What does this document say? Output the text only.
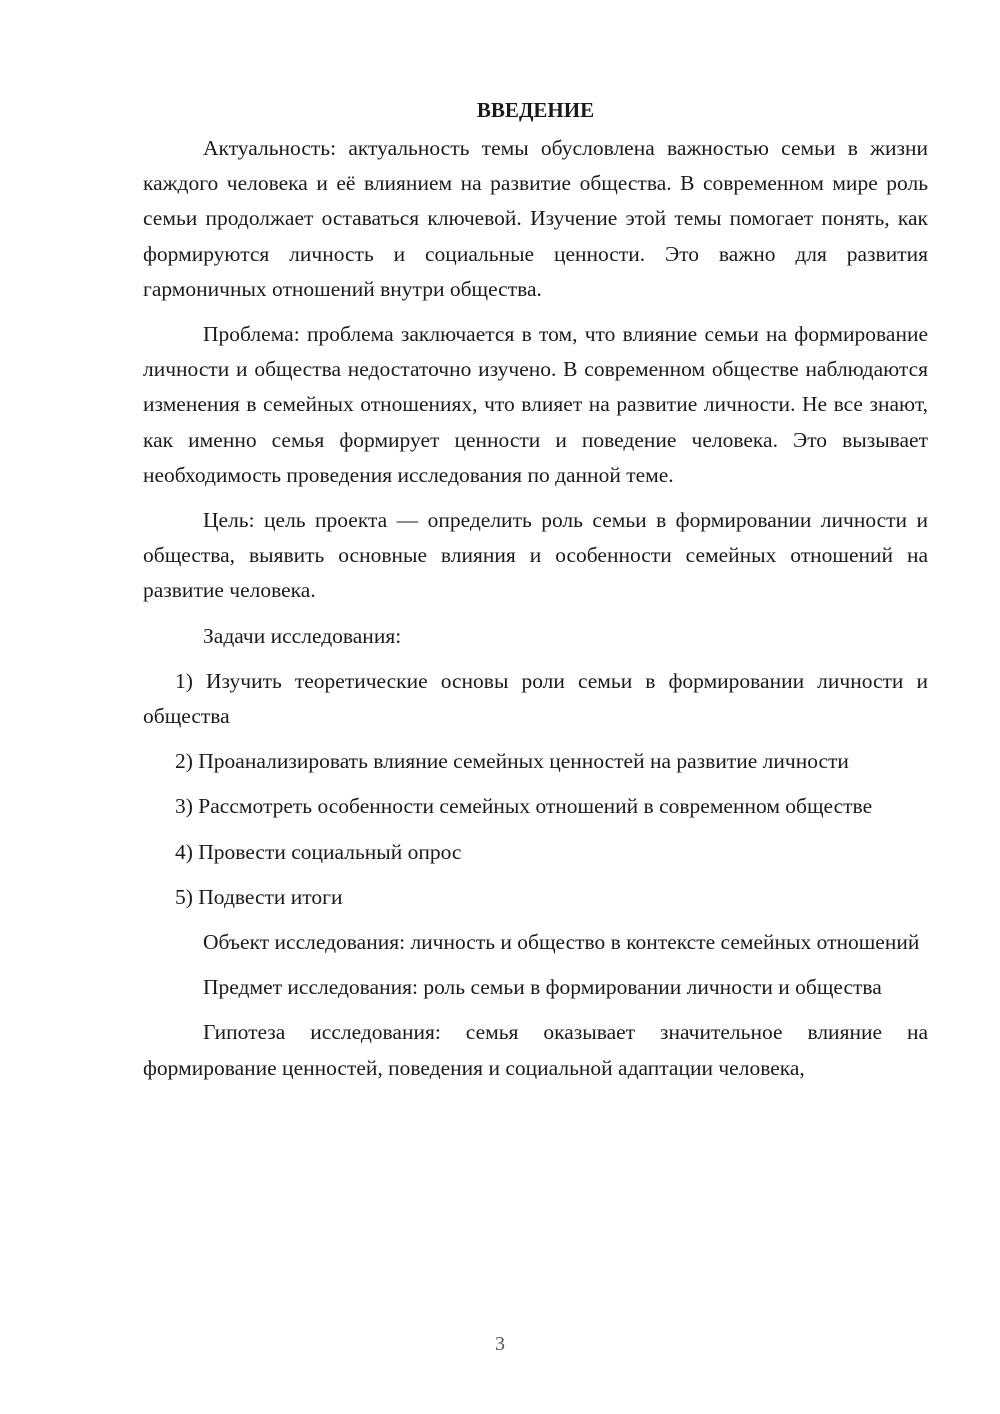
ВВЕДЕНИЕ

Актуальность: актуальность темы обусловлена важностью семьи в жизни каждого человека и её влиянием на развитие общества. В современном мире роль семьи продолжает оставаться ключевой. Изучение этой темы помогает понять, как формируются личность и социальные ценности. Это важно для развития гармоничных отношений внутри общества.

Проблема: проблема заключается в том, что влияние семьи на формирование личности и общества недостаточно изучено. В современном обществе наблюдаются изменения в семейных отношениях, что влияет на развитие личности. Не все знают, как именно семья формирует ценности и поведение человека. Это вызывает необходимость проведения исследования по данной теме.

Цель: цель проекта — определить роль семьи в формировании личности и общества, выявить основные влияния и особенности семейных отношений на развитие человека.

Задачи исследования:

1) Изучить теоретические основы роли семьи в формировании личности и общества

2) Проанализировать влияние семейных ценностей на развитие личности

3) Рассмотреть особенности семейных отношений в современном обществе

4) Провести социальный опрос

5) Подвести итоги

Объект исследования: личность и общество в контексте семейных отношений

Предмет исследования: роль семьи в формировании личности и общества

Гипотеза исследования: семья оказывает значительное влияние на формирование ценностей, поведения и социальной адаптации человека,

3
